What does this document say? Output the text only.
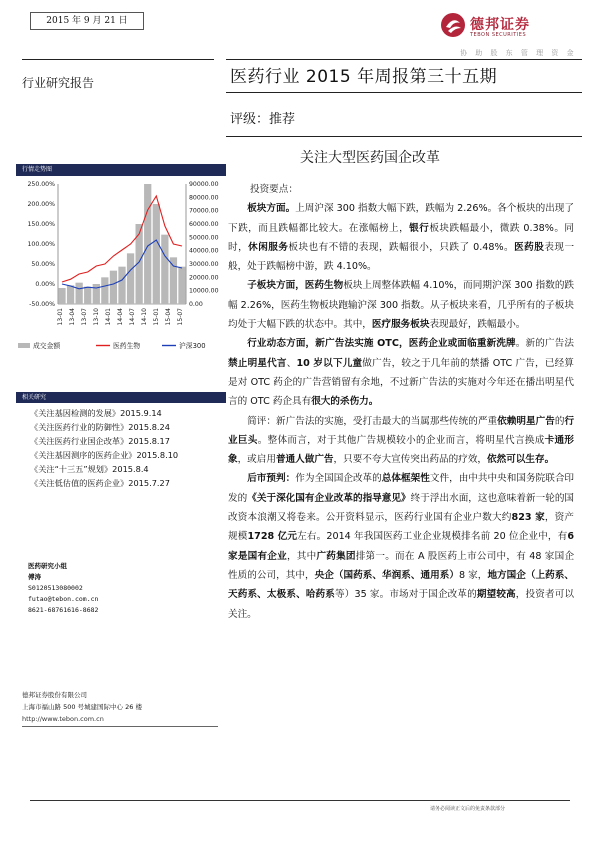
2015 年 9 月 21 日	德邦证券
TEBON SECURITIES
协 助 股 东 管 理 资 金
行业研究报告	医药行业 2015 年周报第三十五期
评级：推荐
关注大型医药国企改革
行情走势图
250.00%
200.00%
150.00%
100.00%
50.00%
0.00%
-50.00%
90000.00
80000.00
70000.00
60000.00
50000.00
40000.00
30000.00
20000.00
10000.00
0.00
13-01 13-04 13-07 13-10 14-01 14-04 14-07 14-10 15-01 15-04 15-07
成交金额	医药生物	沪深300
相关研究
《关注基因检测的发展》2015.9.14
《关注医药行业的防御性》2015.8.24
《关注医药行业国企改革》2015.8.17
《关注基因测序的医药企业》2015.8.10
《关注“十三五”规划》2015.8.4
《关注低估值的医药企业》2015.7.27
医药研究小组
傅涛
S0120513080002
futao@tebon.com.cn
8621-68761616-8682
德邦证券股份有限公司
上海市福山路 500 号城建国际中心 26 楼
http://www.tebon.com.cn

投资要点：

板块方面。上周沪深 300 指数大幅下跌，跌幅为 2.26%。各个板块的出现了下跌，而且跌幅都比较大。在涨幅榜上，银行板块跌幅最小，微跌 0.38%。同时，休闲服务板块也有不错的表现，跌幅很小，只跌了 0.48%。医药股表现一般，处于跌幅榜中游，跌 4.10%。

子板块方面，医药生物板块上周整体跌幅 4.10%，而同期沪深 300 指数的跌幅 2.26%，医药生物板块跑输沪深 300 指数。从子板块来看，几乎所有的子板块均处于大幅下跌的状态中。其中，医疗服务板块表现最好，跌幅最小。

行业动态方面，新广告法实施 OTC，医药企业或面临重新洗牌。新的广告法禁止明星代言、10 岁以下儿童做广告，较之于几年前的禁播 OTC 广告，已经算是对 OTC 药企的广告营销留有余地，不过新广告法的实施对今年还在播出明星代言的 OTC 药企具有很大的杀伤力。

简评：新广告法的实施，受打击最大的当属那些传统的严重依赖明星广告的行业巨头。整体而言，对于其他广告规模较小的企业而言，将明星代言换成卡通形象，或启用普通人做广告，只要不夸大宣传突出药品的疗效，依然可以生存。

后市预判：作为全国国企改革的总体框架性文件，由中共中央和国务院联合印发的《关于深化国有企业改革的指导意见》终于浮出水面，这也意味着新一轮的国改资本浪潮又将卷来。公开资料显示，医药行业国有企业户数大约823 家，资产规模1728 亿元左右。2014 年我国医药工业企业规模排名前 20 位企业中，有6 家是国有企业，其中广药集团排第一。而在 A 股医药上市公司中，有 48 家国企性质的公司，其中，央企（国药系、华润系、通用系）8 家，地方国企（上药系、天药系、太极系、哈药系等）35 家。市场对于国企改革的期望较高，投资者可以关注。

请务必阅读正文后的免责条款部分
